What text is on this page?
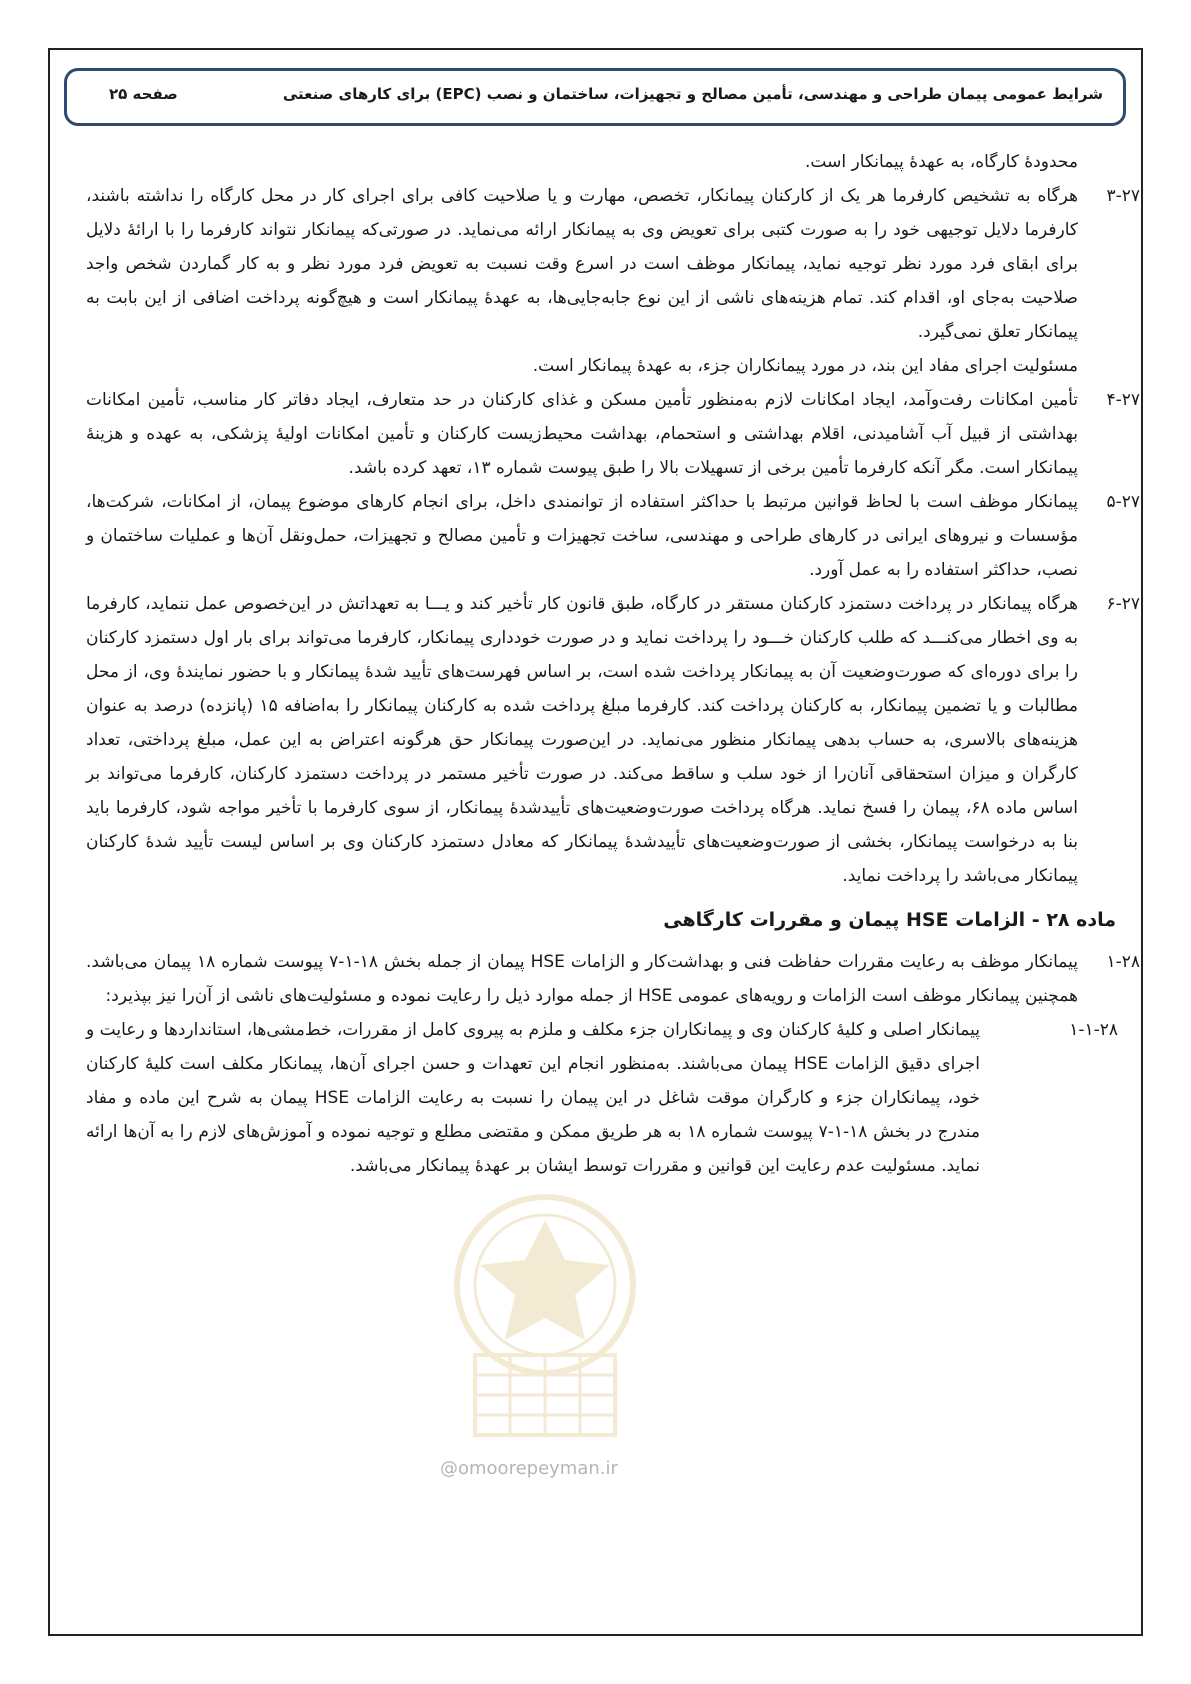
شرایط عمومی پیمان طراحی و مهندسی، تأمین مصالح و تجهیزات، ساختمان و نصب (EPC) برای کارهای صنعتی
صفحه ۲۵
@omoorepeyman.ir

محدودۀ کارگاه، به عهدۀ پیمانکار است.

۳-۲۷
هرگاه به تشخیص کارفرما هر یک از کارکنان پیمانکار، تخصص، مهارت و یا صلاحیت کافی برای اجرای کار در محل کارگاه را نداشته باشند، کارفرما دلایل توجیهی خود را به صورت کتبی برای تعویض وی به پیمانکار ارائه می‌نماید. در صورتی‌که پیمانکار نتواند کارفرما را با ارائۀ دلایل برای ابقای فرد مورد نظر توجیه نماید، پیمانکار موظف است در اسرع وقت نسبت به تعویض فرد مورد نظر و به کار گماردن شخص واجد صلاحیت به‌جای او، اقدام کند. تمام هزینه‌های ناشی از این نوع جابه‌جایی‌ها، به عهدۀ پیمانکار است و هیچ‌گونه پرداخت اضافی از این بابت به پیمانکار تعلق نمی‌گیرد.

مسئولیت اجرای مفاد این بند، در مورد پیمانکاران جزء، به عهدۀ پیمانکار است.

۴-۲۷
تأمین امکانات رفت‌وآمد، ایجاد امکانات لازم به‌منظور تأمین مسکن و غذای کارکنان در حد متعارف، ایجاد دفاتر کار مناسب، تأمین امکانات بهداشتی از قبیل آب آشامیدنی، اقلام بهداشتی و استحمام، بهداشت محیط‌زیست کارکنان و تأمین امکانات اولیۀ پزشکی، به عهده و هزینۀ پیمانکار است. مگر آنکه کارفرما تأمین برخی از تسهیلات بالا را طبق پیوست شماره ۱۳، تعهد کرده باشد.
۵-۲۷
پیمانکار موظف است با لحاظ قوانین مرتبط با حداکثر استفاده از توانمندی داخل، برای انجام کارهای موضوع پیمان، از امکانات، شرکت‌ها، مؤسسات و نیروهای ایرانی در کارهای طراحی و مهندسی، ساخت تجهیزات و تأمین مصالح و تجهیزات، حمل‌ونقل آن‌ها و عملیات ساختمان و نصب، حداکثر استفاده را به عمل آورد.
۶-۲۷
هرگاه پیمانکار در پرداخت دستمزد کارکنان مستقر در کارگاه، طبق قانون کار تأخیر کند و یـــا به تعهداتش در این‌خصوص عمل ننماید، کارفرما به وی اخطار می‌کنـــد که طلب کارکنان خـــود را پرداخت نماید و در صورت خودداری پیمانکار، کارفرما می‌تواند برای بار اول دستمزد کارکنان را برای دوره‌ای که صورت‌وضعیت آن به پیمانکار پرداخت شده است، بر اساس فهرست‌های تأیید شدۀ پیمانکار و با حضور نمایندۀ وی، از محل مطالبات و یا تضمین پیمانکار، به کارکنان پرداخت کند. کارفرما مبلغ پرداخت شده به کارکنان پیمانکار را به‌اضافه ۱۵ (پانزده) درصد به عنوان هزینه‌های بالاسری، به حساب بدهی پیمانکار منظور می‌نماید. در این‌صورت پیمانکار حق هرگونه اعتراض به این عمل، مبلغ پرداختی، تعداد کارگران و میزان استحقاقی آنان‌را از خود سلب و ساقط می‌کند. در صورت تأخیر مستمر در پرداخت دستمزد کارکنان، کارفرما می‌تواند بر اساس ماده ۶۸، پیمان را فسخ نماید. هرگاه پرداخت صورت‌وضعیت‌های تأییدشدۀ پیمانکار، از سوی کارفرما با تأخیر مواجه شود، کارفرما باید بنا به درخواست پیمانکار، بخشی از صورت‌وضعیت‌های تأییدشدۀ پیمانکار که معادل دستمزد کارکنان وی بر اساس لیست تأیید شدۀ کارکنان پیمانکار می‌باشد را پرداخت نماید.
ماده ۲۸ - الزامات HSE پیمان و مقررات کارگاهی
۱-۲۸
پیمانکار موظف به رعایت مقررات حفاظت فنی و بهداشت‌کار و الزامات HSE پیمان از جمله بخش ۱۸-۱-۷ پیوست شماره ۱۸ پیمان می‌باشد. همچنین پیمانکار موظف است الزامات و رویه‌های عمومی HSE از جمله موارد ذیل را رعایت نموده و مسئولیت‌های ناشی از آن‌را نیز بپذیرد:
۱-۱-۲۸
پیمانکار اصلی و کلیۀ کارکنان وی و پیمانکاران جزء مکلف و ملزم به پیروی کامل از مقررات، خط‌مشی‌ها، استانداردها و رعایت و اجرای دقیق الزامات HSE پیمان می‌باشند. به‌منظور انجام این تعهدات و حسن اجرای آن‌ها، پیمانکار مکلف است کلیۀ کارکنان خود، پیمانکاران جزء و کارگران موقت شاغل در این پیمان را نسبت به رعایت الزامات HSE پیمان به شرح این ماده و مفاد مندرج در بخش ۱۸-۱-۷ پیوست شماره ۱۸ به هر طریق ممکن و مقتضی مطلع و توجیه نموده و آموزش‌های لازم را به آن‌ها ارائه نماید. مسئولیت عدم رعایت این قوانین و مقررات توسط ایشان بر عهدۀ پیمانکار می‌باشد.
